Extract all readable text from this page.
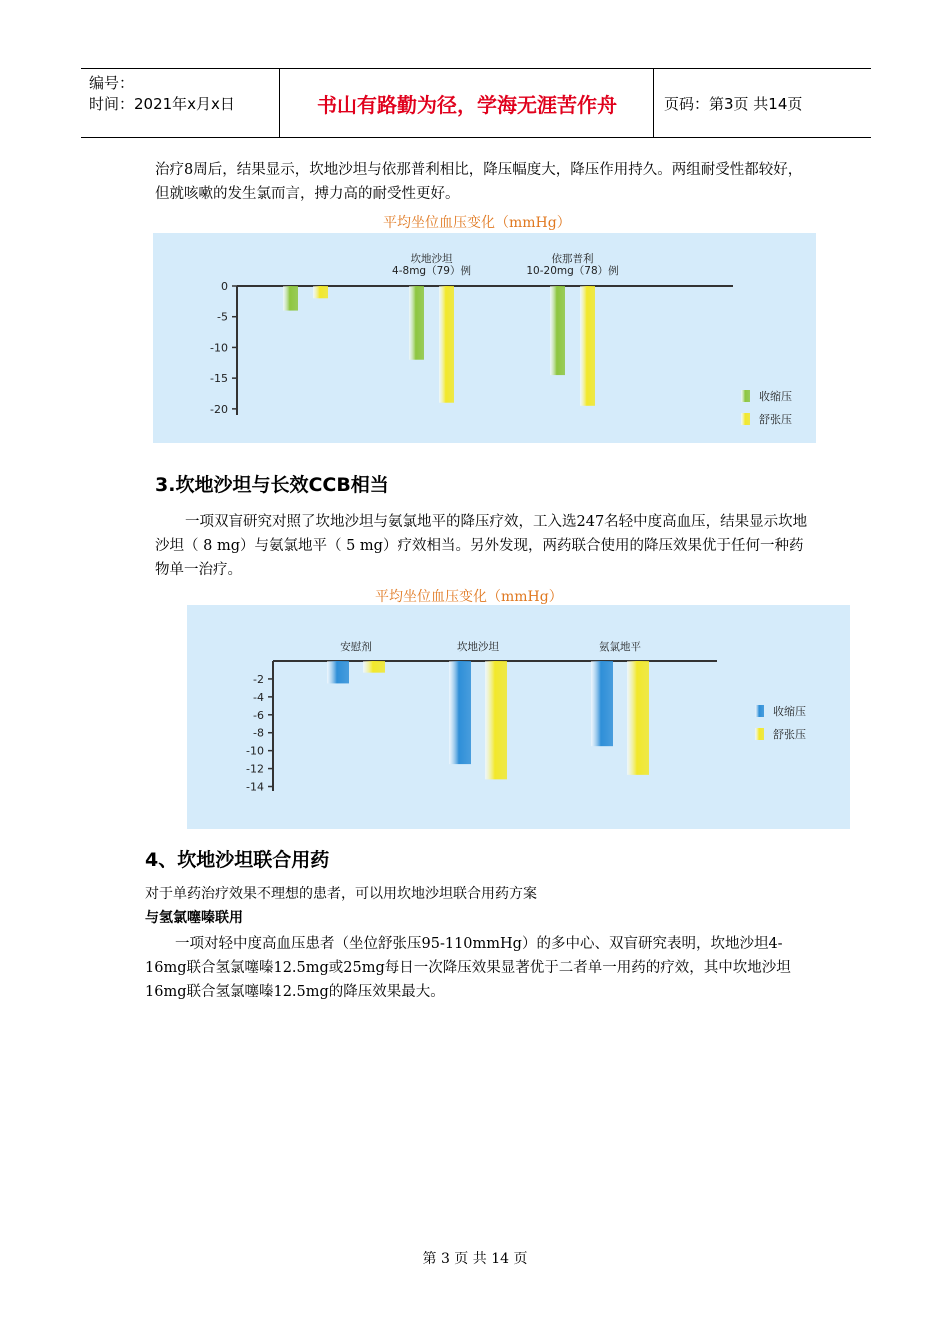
编号：
时间：2021年x月x日	书山有路勤为径，学海无涯苦作舟	页码：第3页 共14页
治疗8周后，结果显示，坎地沙坦与依那普利相比，降压幅度大，降压作用持久。两组耐受性都较好，但就咳嗽的发生氯而言，搏力高的耐受性更好。
平均坐位血压变化（mmHg）
0
-5
-10
-15
-20
坎地沙坦
4-8mg（79）例
依那普利
10-20mg（78）例
收缩压
舒张压
3.坎地沙坦与长效CCB相当
一项双盲研究对照了坎地沙坦与氨氯地平的降压疗效，工入选247名轻中度高血压，结果显示坎地沙坦（ 8 mg）与氨氯地平（ 5 mg）疗效相当。另外发现，两药联合使用的降压效果优于任何一种药物单一治疗。
平均坐位血压变化（mmHg）
-2
-4
-6
-8
-10
-12
-14
安慰剂	坎地沙坦	氨氯地平
收缩压
舒张压
4、坎地沙坦联合用药
对于单药治疗效果不理想的患者，可以用坎地沙坦联合用药方案
与氢氯噻嗪联用
一项对轻中度高血压患者（坐位舒张压95-110mmHg）的多中心、双盲研究表明，坎地沙坦4-16mg联合氢氯噻嗪12.5mg或25mg每日一次降压效果显著优于二者单一用药的疗效，其中坎地沙坦16mg联合氢氯噻嗪12.5mg的降压效果最大。
第 3 页 共 14 页
